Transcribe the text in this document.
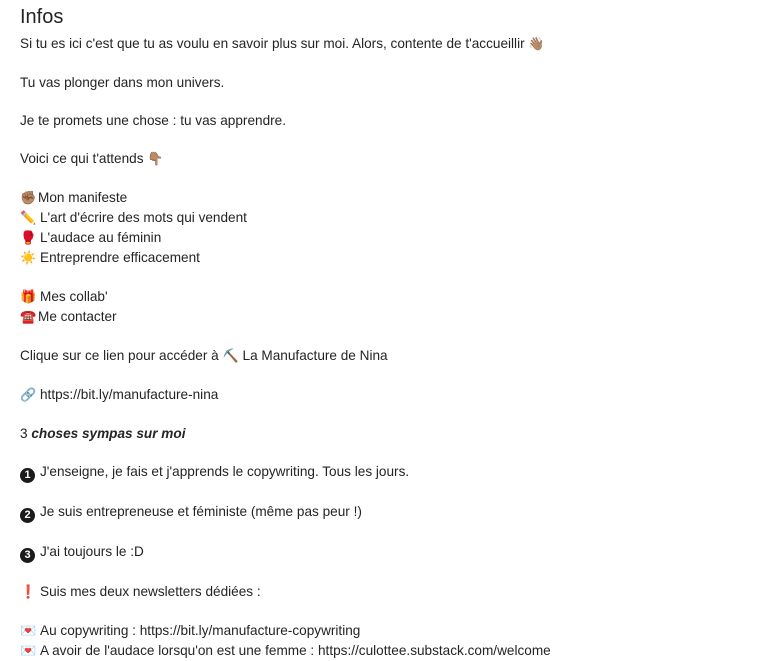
Infos
Si tu es ici c'est que tu as voulu en savoir plus sur moi. Alors, contente de t'accueillir 👋🏽
Tu vas plonger dans mon univers.
Je te promets une chose : tu vas apprendre.
Voici ce qui t'attends 👇🏽
✊🏽 Mon manifeste
✏️ L'art d'écrire des mots qui vendent
🥊 L'audace au féminin
☀️ Entreprendre efficacement
🎁 Mes collab'
☎️ Me contacter
Clique sur ce lien pour accéder à ⛏️ La Manufacture de Nina
🔗 https://bit.ly/manufacture-nina
3 choses sympas sur moi
1 J'enseigne, je fais et j'apprends le copywriting. Tous les jours.
2 Je suis entrepreneuse et féministe (même pas peur !)
3 J'ai toujours le :D
❗ Suis mes deux newsletters dédiées :
💌 Au copywriting : https://bit.ly/manufacture-copywriting
💌 A avoir de l'audace lorsqu'on est une femme : https://culottee.substack.com/welcome
